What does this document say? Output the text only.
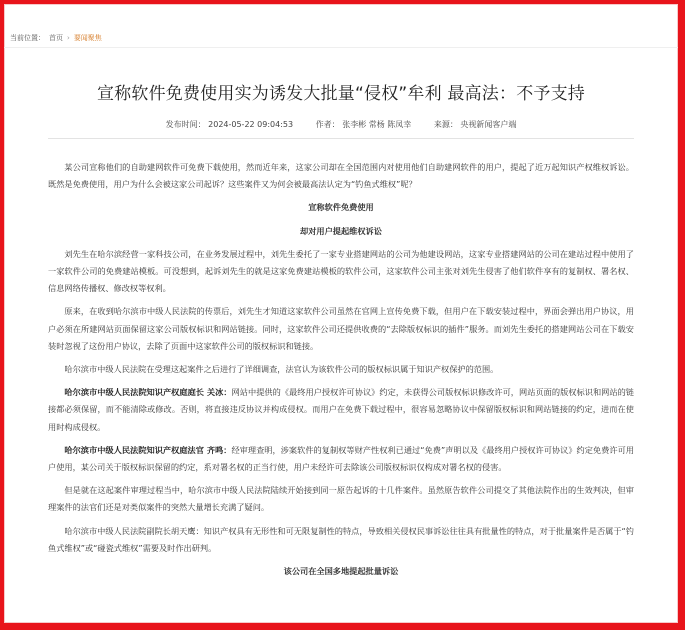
当前位置： 首页 › 要闻聚焦
宣称软件免费使用实为诱发大批量“侵权”牟利 最高法：不予支持
发布时间： 2024-05-22 09:04:53	作者： 张李彬 常杨 陈凤幸	来源： 央视新闻客户端

某公司宣称他们的自助建网软件可免费下载使用，然而近年来，这家公司却在全国范围内对使用他们自助建网软件的用户，提起了近万起知识产权维权诉讼。既然是免费使用，用户为什么会被这家公司起诉？这些案件又为何会被最高法认定为“钓鱼式维权”呢？

宣称软件免费使用

却对用户提起维权诉讼

刘先生在哈尔滨经营一家科技公司，在业务发展过程中，刘先生委托了一家专业搭建网站的公司为他建设网站，这家专业搭建网站的公司在建站过程中使用了一家软件公司的免费建站模板。可没想到，起诉刘先生的就是这家免费建站模板的软件公司，这家软件公司主张对刘先生侵害了他们软件享有的复制权、署名权、信息网络传播权、修改权等权利。

原来，在收到哈尔滨市中级人民法院的传票后，刘先生才知道这家软件公司虽然在官网上宣传免费下载，但用户在下载安装过程中，界面会弹出用户协议，用户必须在所建网站页面保留这家公司版权标识和网站链接。同时，这家软件公司还提供收费的“去除版权标识的插件”服务。而刘先生委托的搭建网站公司在下载安装时忽视了这份用户协议，去除了页面中这家软件公司的版权标识和链接。

哈尔滨市中级人民法院在受理这起案件之后进行了详细调查，法官认为该软件公司的版权标识属于知识产权保护的范围。

哈尔滨市中级人民法院知识产权庭庭长 关冰：网站中提供的《最终用户授权许可协议》约定，未获得公司版权标识修改许可，网站页面的版权标识和网站的链接都必须保留，而不能清除或修改。否则，将直接违反协议并构成侵权。而用户在免费下载过程中，很容易忽略协议中保留版权标识和网站链接的约定，进而在使用时构成侵权。

哈尔滨市中级人民法院知识产权庭法官 齐鸣：经审理查明，涉案软件的复制权等财产性权利已通过“免费”声明以及《最终用户授权许可协议》约定免费许可用户使用，某公司关于版权标识保留的约定，系对署名权的正当行使，用户未经许可去除该公司版权标识仅构成对署名权的侵害。

但是就在这起案件审理过程当中，哈尔滨市中级人民法院陆续开始接到同一原告起诉的十几件案件。虽然原告软件公司提交了其他法院作出的生效判决，但审理案件的法官们还是对类似案件的突然大量增长充满了疑问。

哈尔滨市中级人民法院副院长胡天鹰：知识产权具有无形性和可无限复制性的特点，导致相关侵权民事诉讼往往具有批量性的特点，对于批量案件是否属于“钓鱼式维权”或“碰瓷式维权”需要及时作出研判。

该公司在全国多地提起批量诉讼
